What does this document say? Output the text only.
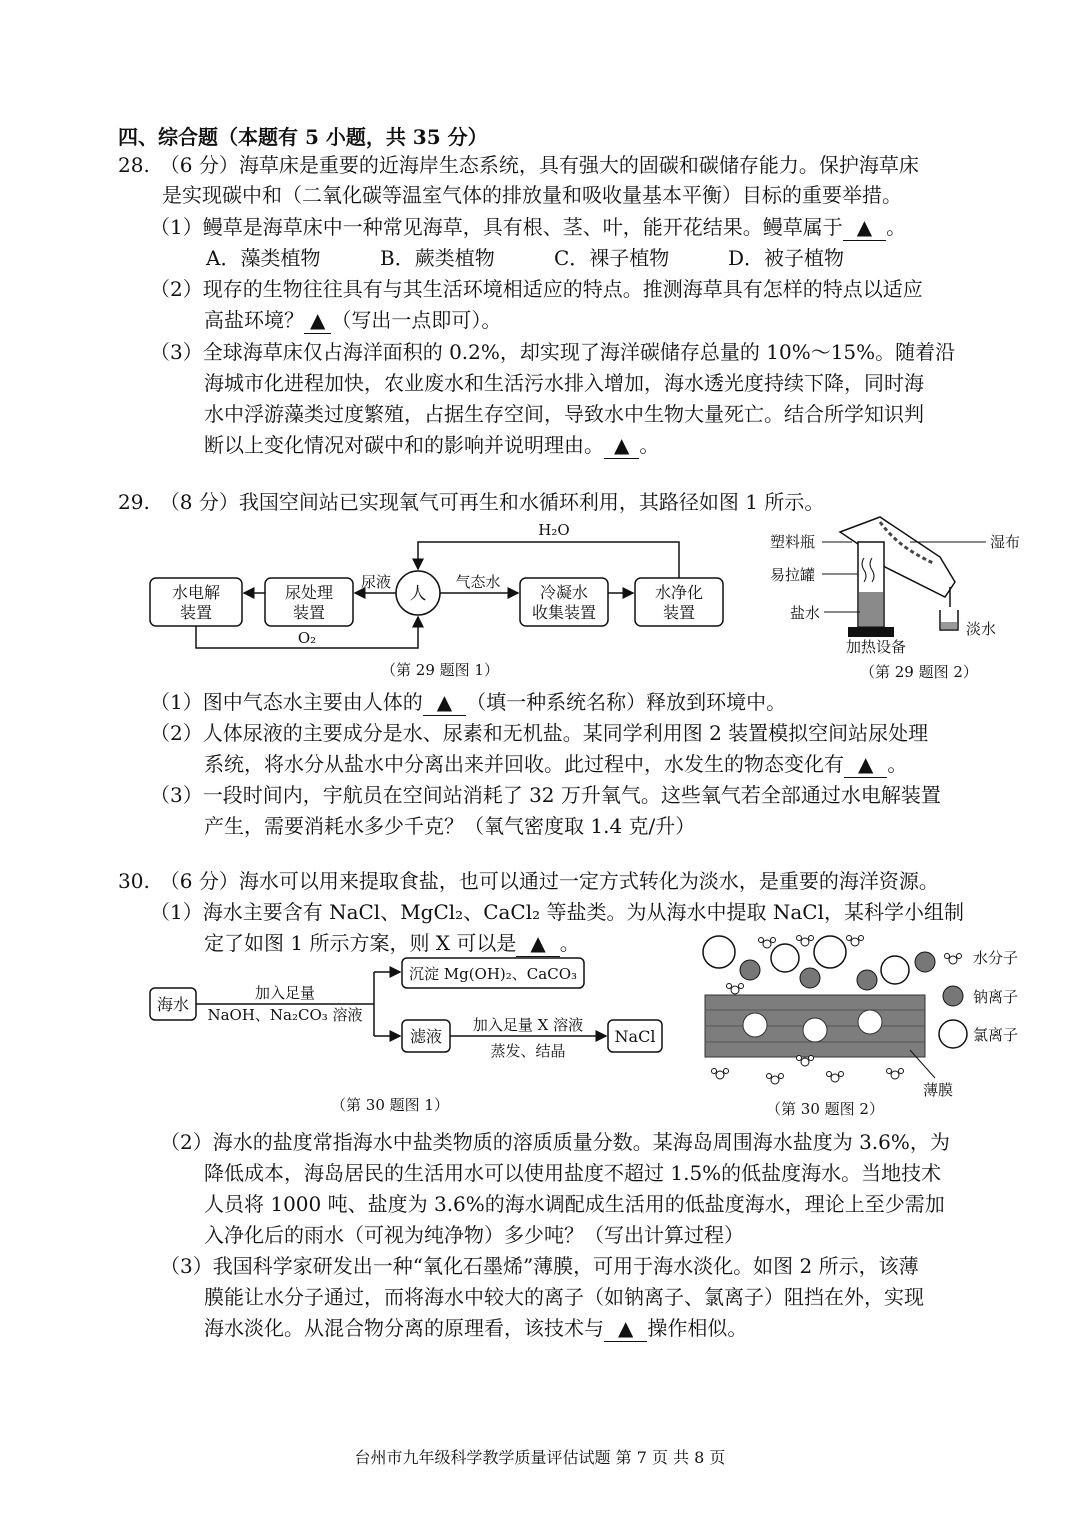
四、综合题（本题有 5 小题，共 35 分）
28.　（6 分）海草床是重要的近海岸生态系统，具有强大的固碳和碳储存能力。保护海草床
是实现碳中和（二氧化碳等温室气体的排放量和吸收量基本平衡）目标的重要举措。
（1）鳗草是海草床中一种常见海草，具有根、茎、叶，能开花结果。鳗草属于 ▲ 。
A．藻类植物	B．蕨类植物	C．裸子植物	D．被子植物
（2）现存的生物往往具有与其生活环境相适应的特点。推测海草具有怎样的特点以适应
高盐环境？ ▲ （写出一点即可）。
（3）全球海草床仅占海洋面积的 0.2%，却实现了海洋碳储存总量的 10%～15%。随着沿
海城市化进程加快，农业废水和生活污水排入增加，海水透光度持续下降，同时海
水中浮游藻类过度繁殖，占据生存空间，导致水中生物大量死亡。结合所学知识判
断以上变化情况对碳中和的影响并说明理由。 ▲ 。
29.　（8 分）我国空间站已实现氧气可再生和水循环利用，其路径如图 1 所示。
水电解
装置
尿处理
装置
人	冷凝水
收集装置
水净化
装置
尿液	气态水
H₂O
O₂
（第 29 题图 1）
塑料瓶	湿布
易拉罐
盐水
淡水
加热设备
（第 29 题图 2）
（1）图中气态水主要由人体的 ▲ （填一种系统名称）释放到环境中。
（2）人体尿液的主要成分是水、尿素和无机盐。某同学利用图 2 装置模拟空间站尿处理
系统，将水分从盐水中分离出来并回收。此过程中，水发生的物态变化有 ▲ 。
（3）一段时间内，宇航员在空间站消耗了 32 万升氧气。这些氧气若全部通过水电解装置
产生，需要消耗水多少千克？（氧气密度取 1.4 克/升）
30.　（6 分）海水可以用来提取食盐，也可以通过一定方式转化为淡水，是重要的海洋资源。
（1）海水主要含有 NaCl、MgCl₂、CaCl₂ 等盐类。为从海水中提取 NaCl，某科学小组制
定了如图 1 所示方案，则 X 可以是 ▲ 。
海水
加入足量
NaOH、Na₂CO₃ 溶液
沉淀 Mg(OH)₂、CaCO₃
滤液
加入足量 X 溶液
蒸发、结晶
NaCl
（第 30 题图 1）
薄膜
水分子
钠离子
氯离子
（第 30 题图 2）
（2）海水的盐度常指海水中盐类物质的溶质质量分数。某海岛周围海水盐度为 3.6%，为
降低成本，海岛居民的生活用水可以使用盐度不超过 1.5%的低盐度海水。当地技术
人员将 1000 吨、盐度为 3.6%的海水调配成生活用的低盐度海水，理论上至少需加
入净化后的雨水（可视为纯净物）多少吨？（写出计算过程）
（3）我国科学家研发出一种“氧化石墨烯”薄膜，可用于海水淡化。如图 2 所示，该薄
膜能让水分子通过，而将海水中较大的离子（如钠离子、氯离子）阻挡在外，实现
海水淡化。从混合物分离的原理看，该技术与 ▲ 操作相似。
台州市九年级科学教学质量评估试题 第 7 页 共 8 页
